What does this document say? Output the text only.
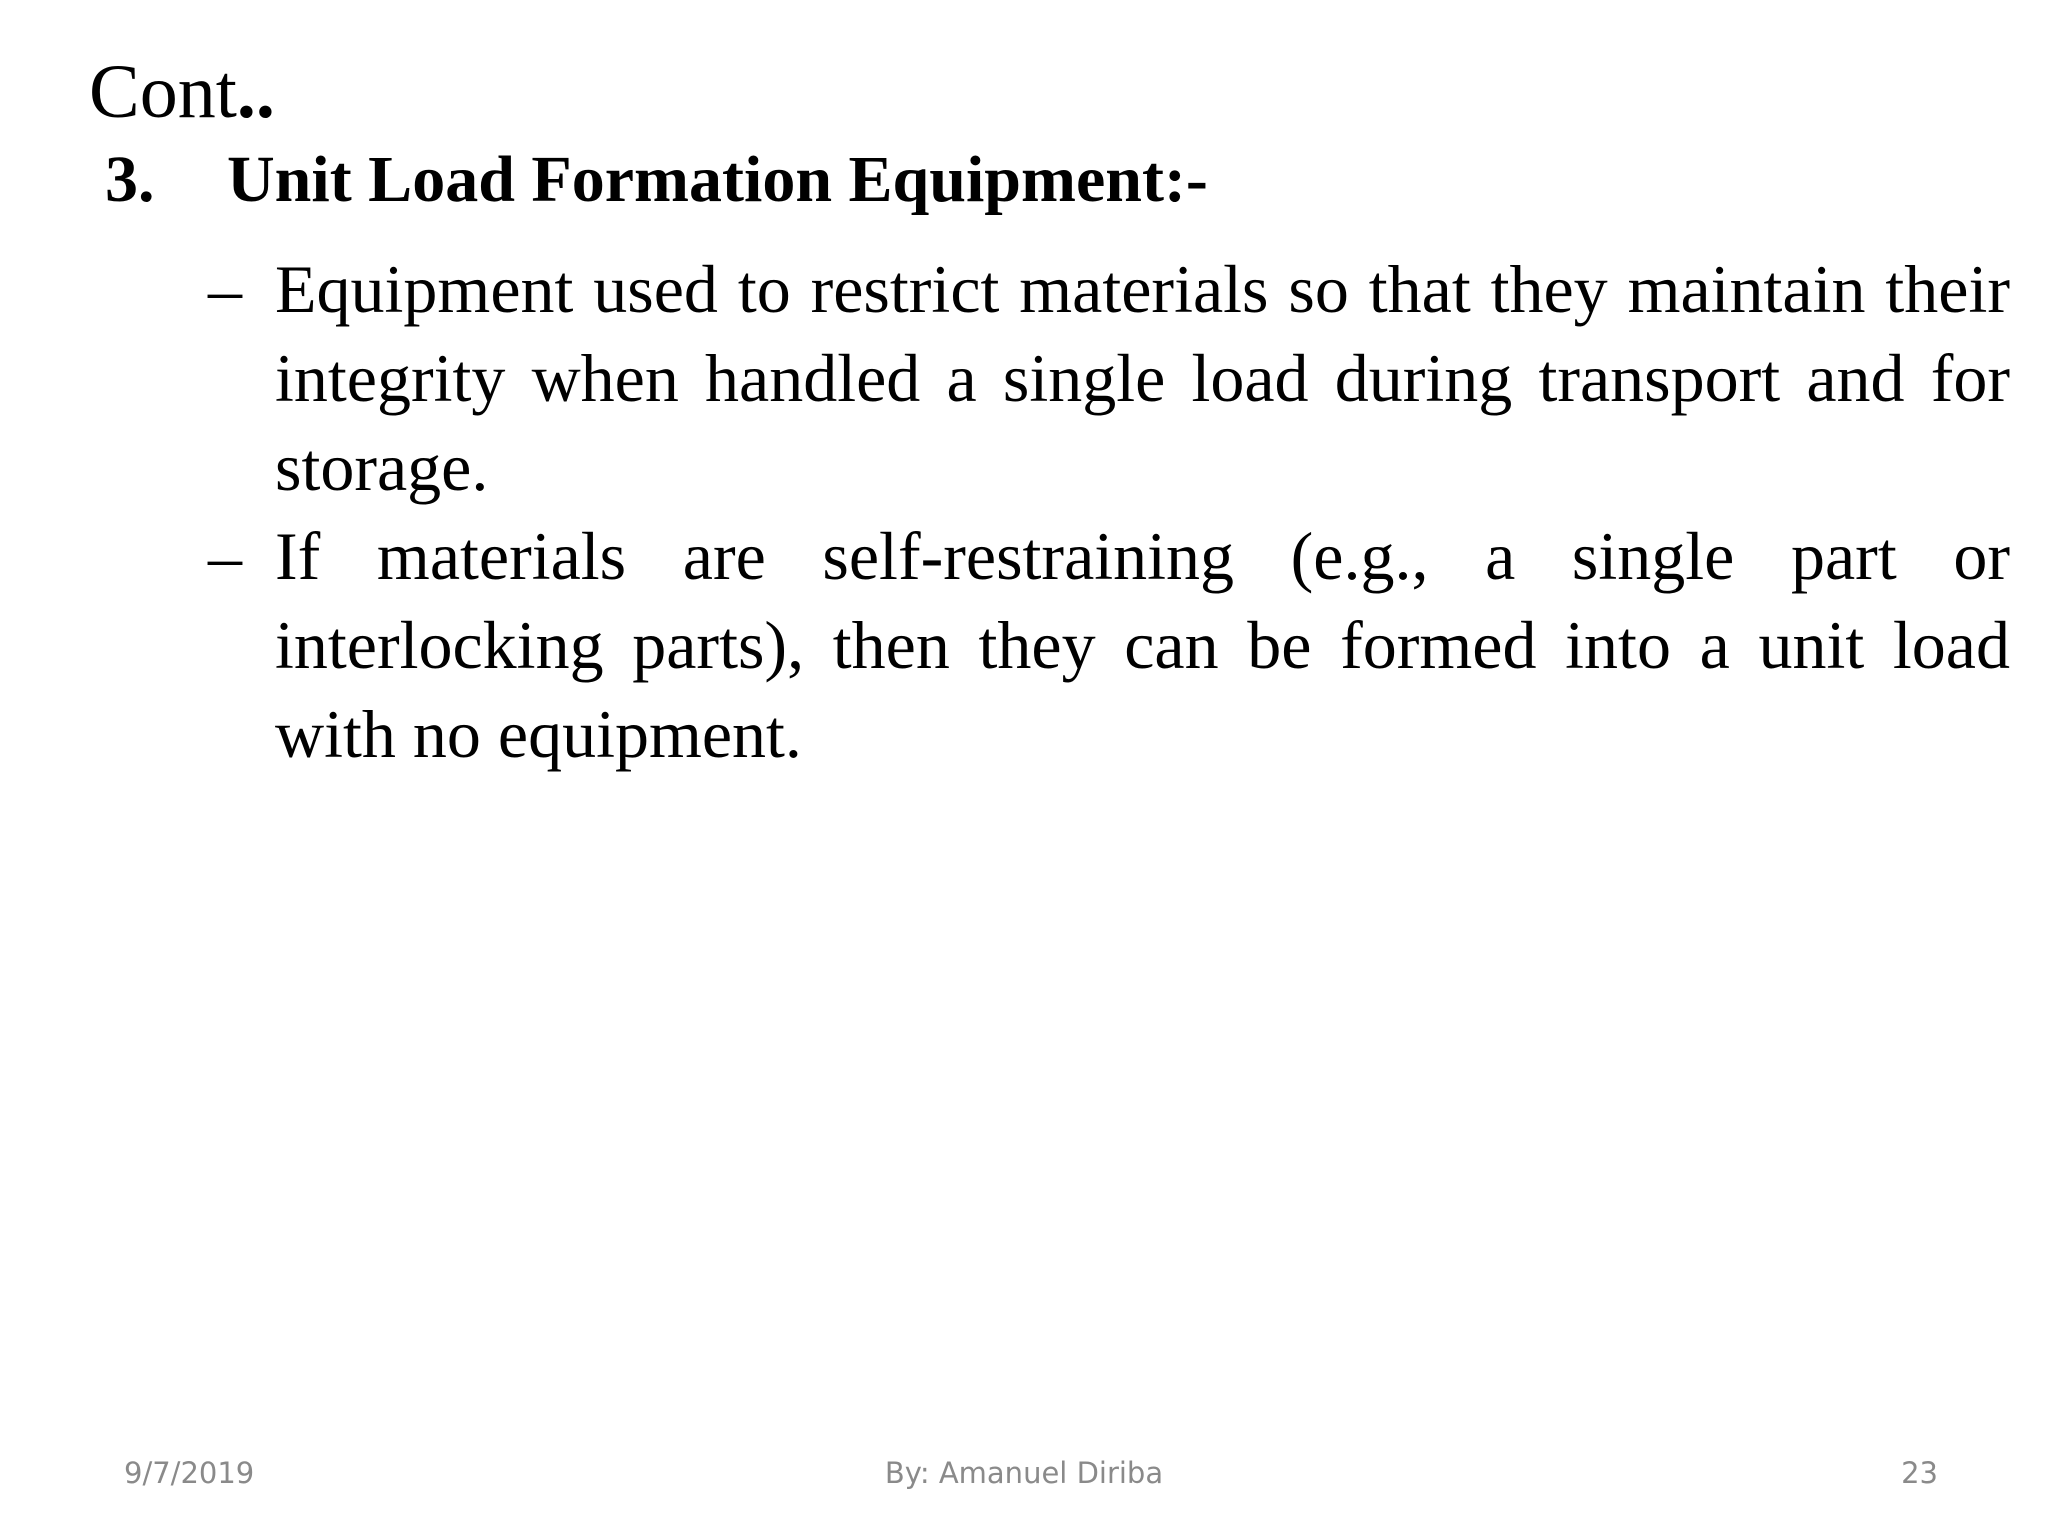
Cont..
3. Unit Load Formation Equipment:-
– Equipment used to restrict materials so that they maintain their integrity when handled a single load during transport and for storage.
– If materials are self-restraining (e.g., a single part or interlocking parts), then they can be formed into a unit load with no equipment.
By: Amanuel Diriba
9/7/2019	23
